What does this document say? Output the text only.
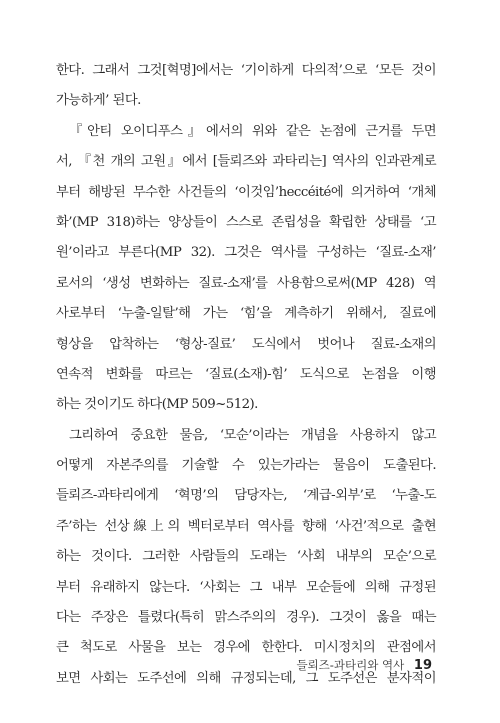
한다. 그래서 그것[혁명]에서는 ‘기이하게 다의적’으로 ‘모든 것이
가능하게’ 된다.
『안티 오이디푸스』에서의 위와 같은 논점에 근거를 두면
서, 『천 개의 고원』에서 [들뢰즈와 과타리는] 역사의 인과관계로
부터 해방된 무수한 사건들의 ‘이것임’heccéité에 의거하여 ‘개체
화’(MP 318)하는 양상들이 스스로 존립성을 확립한 상태를 ‘고
원’이라고 부른다(MP 32). 그것은 역사를 구성하는 ‘질료-소재’
로서의 ‘생성 변화하는 질료-소재’를 사용함으로써(MP 428) 역
사로부터 ‘누출-일탈’해 가는 ‘힘’을 계측하기 위해서, 질료에
형상을 압착하는 ‘형상-질료’ 도식에서 벗어나 질료-소재의
연속적 변화를 따르는 ‘질료(소재)-힘’ 도식으로 논점을 이행
하는 것이기도 하다(MP 509~512).
그리하여 중요한 물음, ‘모순’이라는 개념을 사용하지 않고
어떻게 자본주의를 기술할 수 있는가라는 물음이 도출된다.
들뢰즈-과타리에게 ‘혁명’의 담당자는, ‘계급-외부’로 ‘누출-도
주’하는 선상線上의 벡터로부터 역사를 향해 ‘사건’적으로 출현
하는 것이다. 그러한 사람들의 도래는 ‘사회 내부의 모순’으로
부터 유래하지 않는다. ‘사회는 그 내부 모순들에 의해 규정된
다는 주장은 틀렸다(특히 맑스주의의 경우). 그것이 옳을 때는
큰 척도로 사물을 보는 경우에 한한다. 미시정치의 관점에서
보면 사회는 도주선에 의해 규정되는데, 그 도주선은 분자적이
들뢰즈-과타리와 역사 19
